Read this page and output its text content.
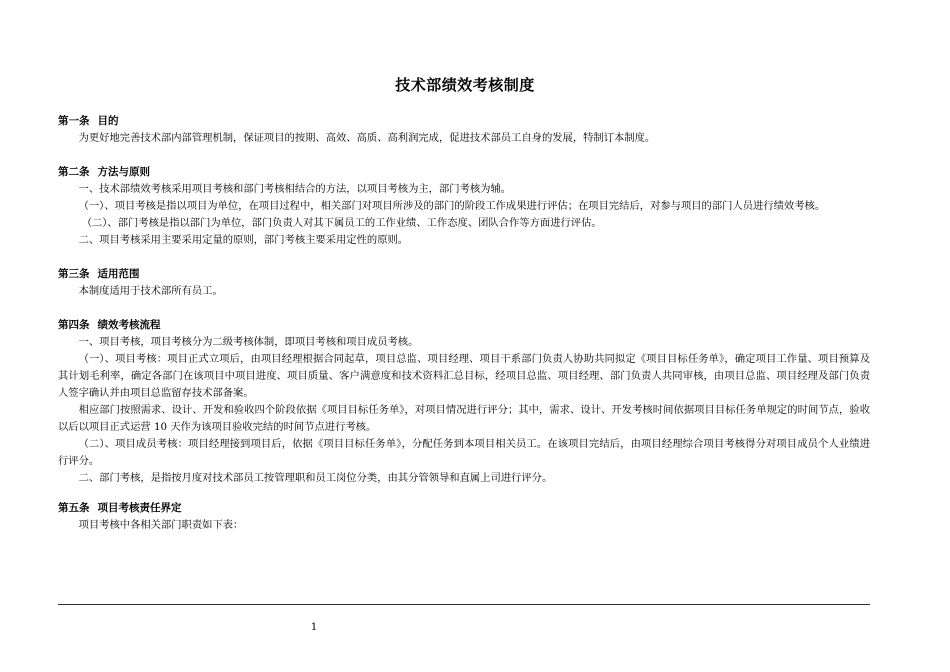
技术部绩效考核制度

第一条 目的

为更好地完善技术部内部管理机制，保证项目的按期、高效、高质、高利润完成，促进技术部员工自身的发展，特制订本制度。

第二条 方法与原则

一、技术部绩效考核采用项目考核和部门考核相结合的方法，以项目考核为主，部门考核为辅。

（一）、项目考核是指以项目为单位，在项目过程中，相关部门对项目所涉及的部门的阶段工作成果进行评估；在项目完结后，对参与项目的部门人员进行绩效考核。

（二）、部门考核是指以部门为单位，部门负责人对其下属员工的工作业绩、工作态度、团队合作等方面进行评估。

二、项目考核采用主要采用定量的原则，部门考核主要采用定性的原则。

第三条 适用范围

本制度适用于技术部所有员工。

第四条 绩效考核流程

一、项目考核，项目考核分为二级考核体制，即项目考核和项目成员考核。

（一）、项目考核：项目正式立项后，由项目经理根据合同起草，项目总监、项目经理、项目干系部门负责人协助共同拟定《项目目标任务单》，确定项目工作量、项目预算及其计划毛利率，确定各部门在该项目中项目进度、项目质量、客户满意度和技术资料汇总目标，经项目总监、项目经理、部门负责人共同审核，由项目总监、项目经理及部门负责人签字确认并由项目总监留存技术部备案。

相应部门按照需求、设计、开发和验收四个阶段依据《项目目标任务单》，对项目情况进行评分；其中，需求、设计、开发考核时间依据项目目标任务单规定的时间节点，验收以后以项目正式运营 10 天作为该项目验收完结的时间节点进行考核。

（二）、项目成员考核：项目经理接到项目后，依据《项目目标任务单》，分配任务到本项目相关员工。在该项目完结后，由项目经理综合项目考核得分对项目成员个人业绩进行评分。

二、部门考核，是指按月度对技术部员工按管理职和员工岗位分类，由其分管领导和直属上司进行评分。

第五条 项目考核责任界定

项目考核中各相关部门职责如下表：

1
